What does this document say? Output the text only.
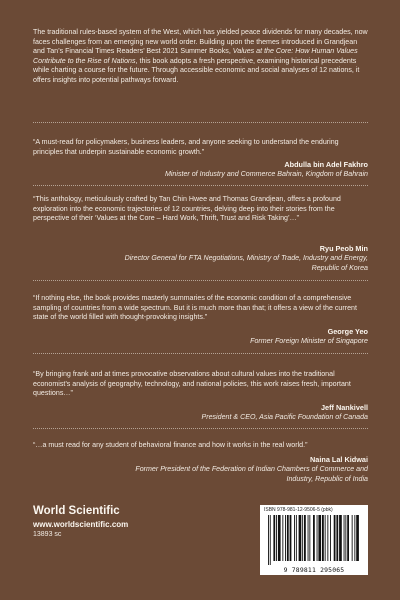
The traditional rules-based system of the West, which has yielded peace dividends for many decades, now faces challenges from an emerging new world order. Building upon the themes introduced in Grandjean and Tan’s Financial Times Readers’ Best 2021 Summer Books, Values at the Core: How Human Values Contribute to the Rise of Nations, this book adopts a fresh perspective, examining historical precedents while charting a course for the future. Through accessible economic and social analyses of 12 nations, it offers insights into potential pathways forward.
“A must-read for policymakers, business leaders, and anyone seeking to understand the enduring principles that underpin sustainable economic growth.”
Abdulla bin Adel Fakhro
Minister of Industry and Commerce Bahrain, Kingdom of Bahrain
“This anthology, meticulously crafted by Tan Chin Hwee and Thomas Grandjean, offers a profound exploration into the economic trajectories of 12 countries, delving deep into their stories from the perspective of their ‘Values at the Core – Hard Work, Thrift, Trust and Risk Taking’…”
Ryu Peob Min
Director General for FTA Negotiations, Ministry of Trade, Industry and Energy, Republic of Korea
“If nothing else, the book provides masterly summaries of the economic condition of a comprehensive sampling of countries from a wide spectrum. But it is much more than that; it offers a view of the current state of the world filled with thought-provoking insights.”
George Yeo
Former Foreign Minister of Singapore
“By bringing frank and at times provocative observations about cultural values into the traditional economist’s analysis of geography, technology, and national policies, this work raises fresh, important questions…”
Jeff Nankivell
President & CEO, Asia Pacific Foundation of Canada
“…a must read for any student of behavioral finance and how it works in the real world.”
Naina Lal Kidwai
Former President of the Federation of Indian Chambers of Commerce and Industry, Republic of India
World Scientific
www.worldscientific.com
13893 sc
ISBN 978-981-12-9506-5 (pbk)
9 789811 295065
